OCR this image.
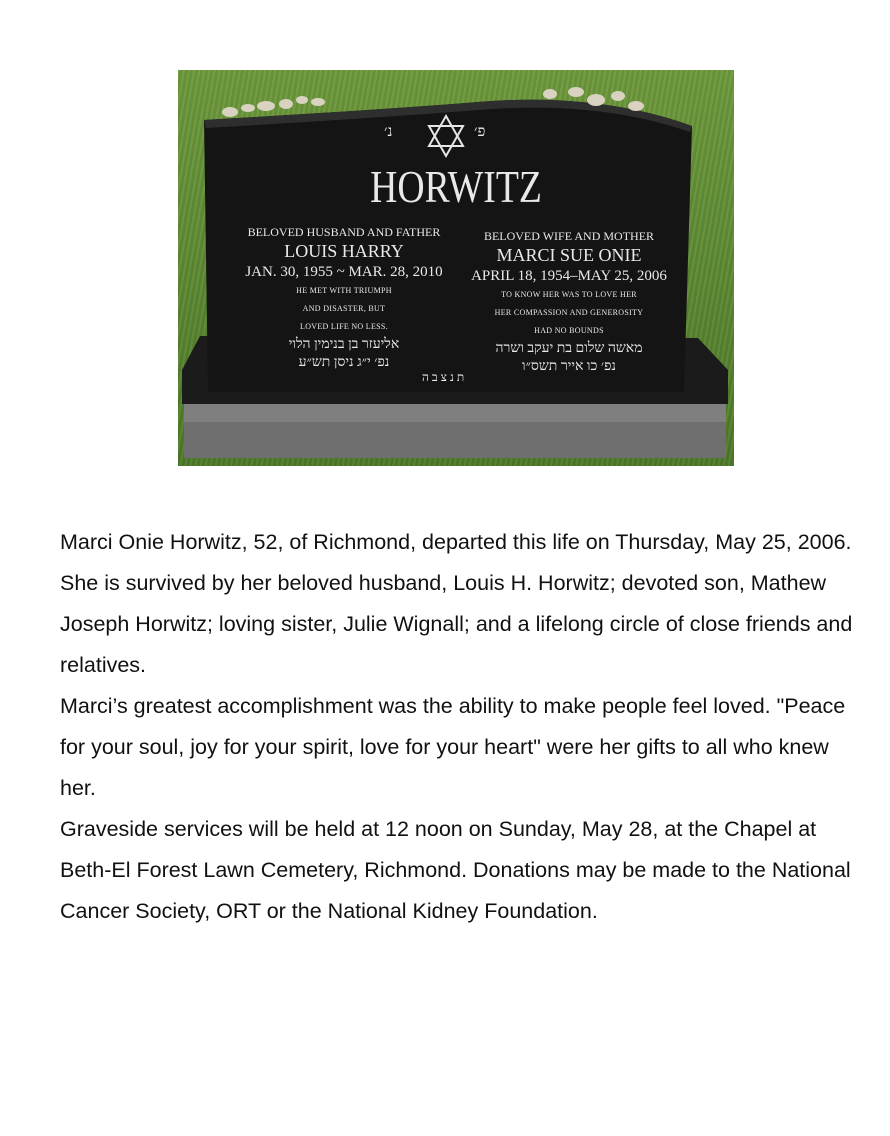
פ׳
נ׳
HORWITZ
BELOVED HUSBAND AND FATHER
LOUIS HARRY
JAN. 30, 1955 ~ MAR. 28, 2010
HE MET WITH TRIUMPH
AND DISASTER, BUT
LOVED LIFE NO LESS.
אליעזר בן בנימין הלוי
נפ׳ י״ג ניסן תש״ע
BELOVED WIFE AND MOTHER
MARCI SUE ONIE
APRIL 18, 1954–MAY 25, 2006
TO KNOW HER WAS TO LOVE HER
HER COMPASSION AND GENEROSITY
HAD NO BOUNDS
מאשה שלום בת יעקב ושרה
נפ׳ כו אייר תשס״ו
ת נ צ ב ה

Marci Onie Horwitz, 52, of Richmond, departed this life on Thursday, May 25, 2006. She is survived by her beloved husband, Louis H. Horwitz; devoted son, Mathew Joseph Horwitz; loving sister, Julie Wignall; and a lifelong circle of close friends and relatives.

Marci’s greatest accomplishment was the ability to make people feel loved. "Peace for your soul, joy for your spirit, love for your heart" were her gifts to all who knew her.

Graveside services will be held at 12 noon on Sunday, May 28, at the Chapel at Beth-El Forest Lawn Cemetery, Richmond. Donations may be made to the National Cancer Society, ORT or the National Kidney Foundation.
